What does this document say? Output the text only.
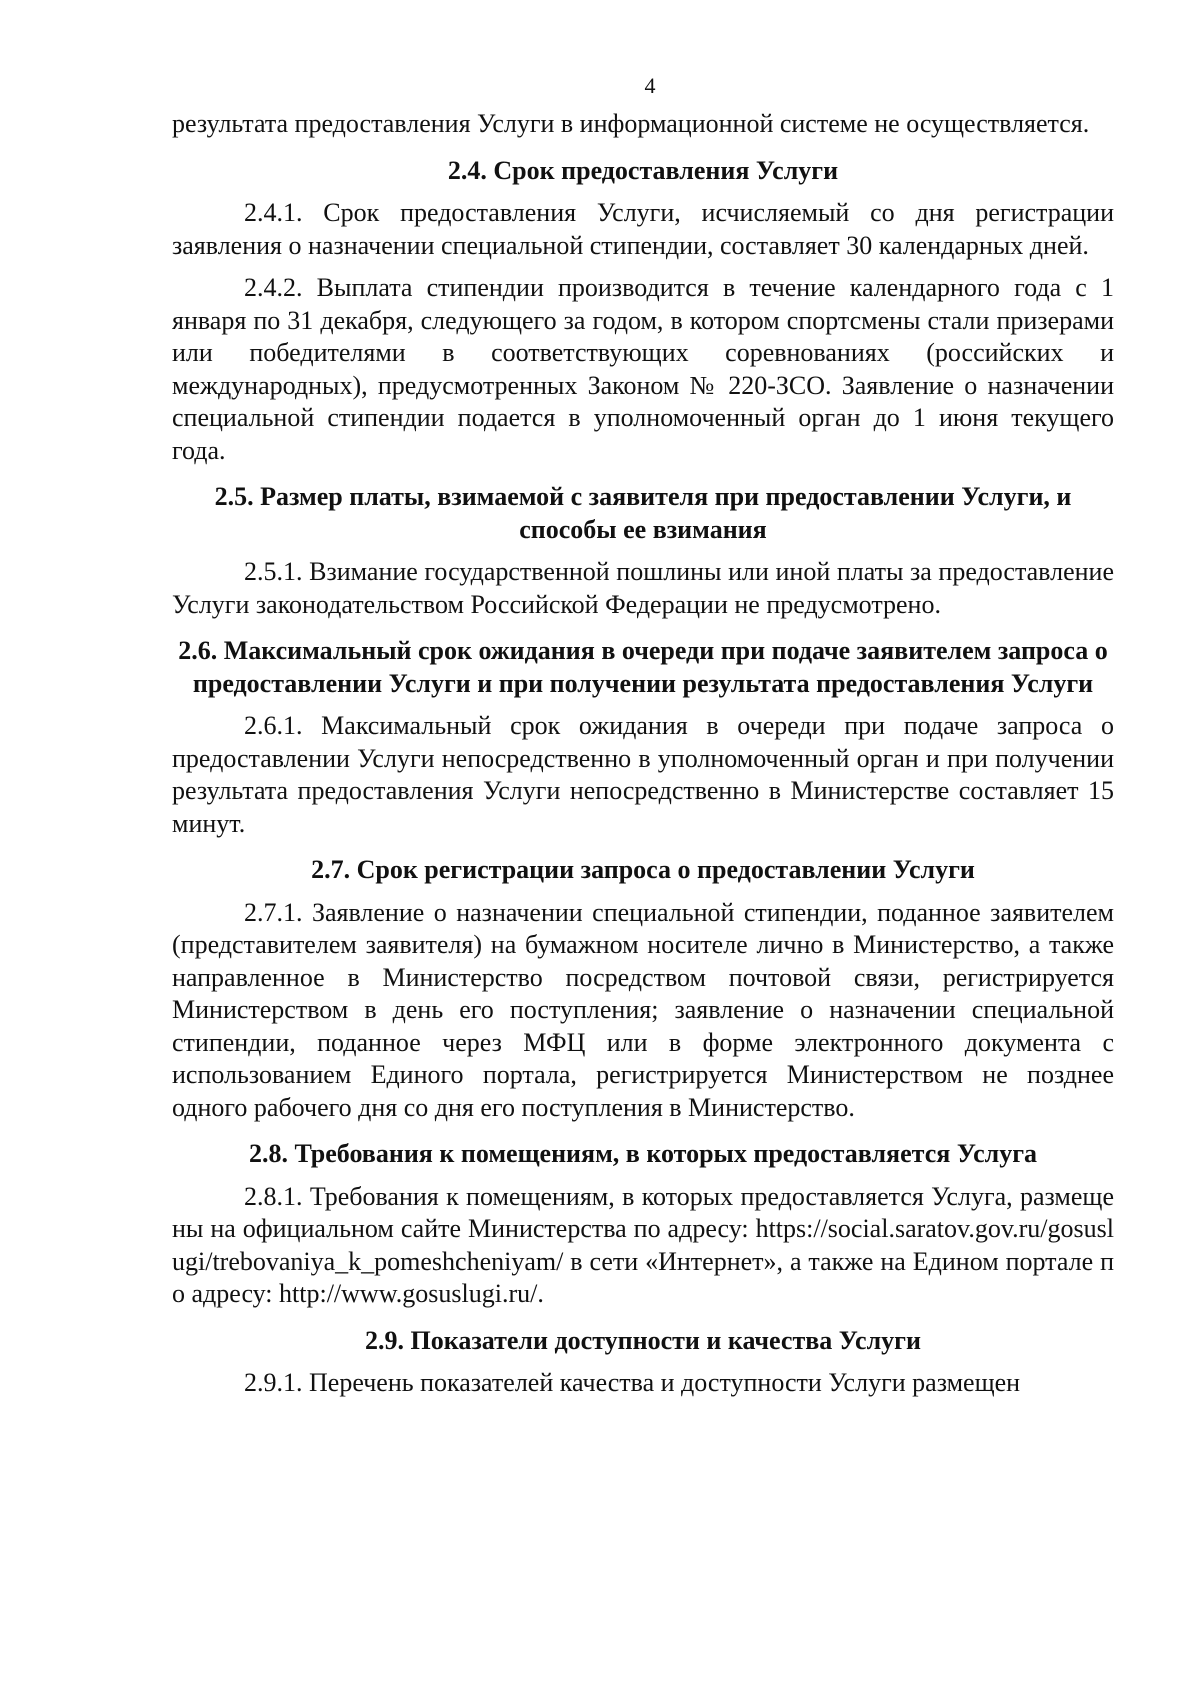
4

результата предоставления Услуги в информационной системе не осуществляется.

2.4. Срок предоставления Услуги

2.4.1. Срок предоставления Услуги, исчисляемый со дня регистрации заявления о назначении специальной стипендии, составляет 30 календарных дней.

2.4.2. Выплата стипендии производится в течение календарного года с 1 января по 31 декабря, следующего за годом, в котором спортсмены стали призерами или победителями в соответствующих соревнованиях (российских и международных), предусмотренных Законом № 220-ЗСО. Заявление о назначении специальной стипендии подается в уполномоченный орган до 1 июня текущего года.

2.5. Размер платы, взимаемой с заявителя при предоставлении Услуги, и способы ее взимания

2.5.1. Взимание государственной пошлины или иной платы за предоставление Услуги законодательством Российской Федерации не предусмотрено.

2.6. Максимальный срок ожидания в очереди при подаче заявителем запроса о предоставлении Услуги и при получении результата предоставления Услуги

2.6.1. Максимальный срок ожидания в очереди при подаче запроса о предоставлении Услуги непосредственно в уполномоченный орган и при получении результата предоставления Услуги непосредственно в Министерстве составляет 15 минут.

2.7. Срок регистрации запроса о предоставлении Услуги

2.7.1. Заявление о назначении специальной стипендии, поданное заявителем (представителем заявителя) на бумажном носителе лично в Министерство, а также направленное в Министерство посредством почтовой связи, регистрируется Министерством в день его поступления; заявление о назначении специальной стипендии, поданное через МФЦ или в форме электронного документа с использованием Единого портала, регистрируется Министерством не позднее одного рабочего дня со дня его поступления в Министерство.

2.8. Требования к помещениям, в которых предоставляется Услуга

2.8.1. Требования к помещениям, в которых предоставляется Услуга, размещены на официальном сайте Министерства по адресу: https://social.saratov.gov.ru/gosuslugi/trebovaniya_k_pomeshcheniyam/ в сети «Интернет», а также на Едином портале по адресу: http://www.gosuslugi.ru/.

2.9. Показатели доступности и качества Услуги

2.9.1. Перечень показателей качества и доступности Услуги размещен
